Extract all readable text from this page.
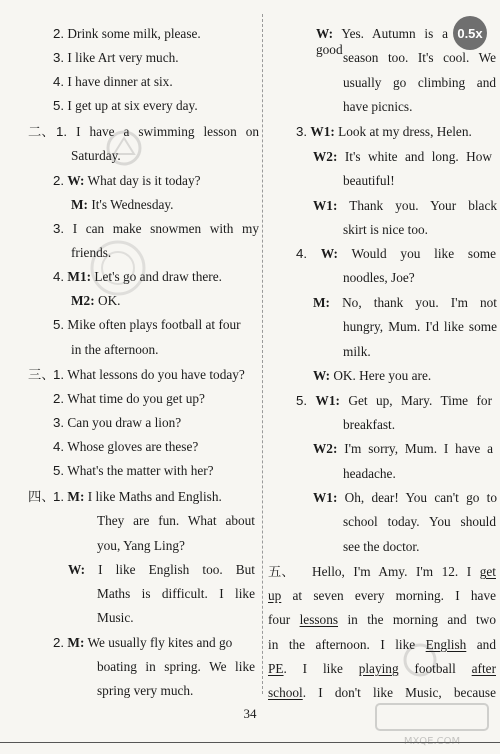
0.5x
2. Drink some milk, please.
3. I like Art very much.
4. I have dinner at six.
5. I get up at six every day.
二、 1. I have a swimming lesson on
Saturday.
2. W: What day is it today?
M: It's Wednesday.
3. I can make snowmen with my
friends.
4. M1: Let's go and draw there.
M2: OK.
5. Mike often plays football at four
in the afternoon.
三、
1. What lessons do you have today?
2. What time do you get up?
3. Can you draw a lion?
4. Whose gloves are these?
5. What's the matter with her?
四、
1. M: I like Maths and English.
They are fun. What about
you, Yang Ling?
W: I like English too. But
Maths is difficult. I like
Music.
2. M: We usually fly kites and go
boating in spring. We like
spring very much.
W: Yes. Autumn is a good
season too. It's cool. We
usually go climbing and
have picnics.
3. W1: Look at my dress, Helen.
W2: It's white and long. How
beautiful!
W1: Thank you. Your black
skirt is nice too.
4. W: Would you like some
noodles, Joe?
M: No, thank you. I'm not
hungry, Mum. I'd like some
milk.
W: OK. Here you are.
5. W1: Get up, Mary. Time for
breakfast.
W2: I'm sorry, Mum. I have a
headache.
W1: Oh, dear! You can't go to
school today. You should
see the doctor.
五、 Hello, I'm Amy. I'm 12. I get
up at seven every morning. I have
four lessons in the morning and two
in the afternoon. I like English and
PE. I like playing football after
school. I don't like Music, because
34
MXQE.COM
